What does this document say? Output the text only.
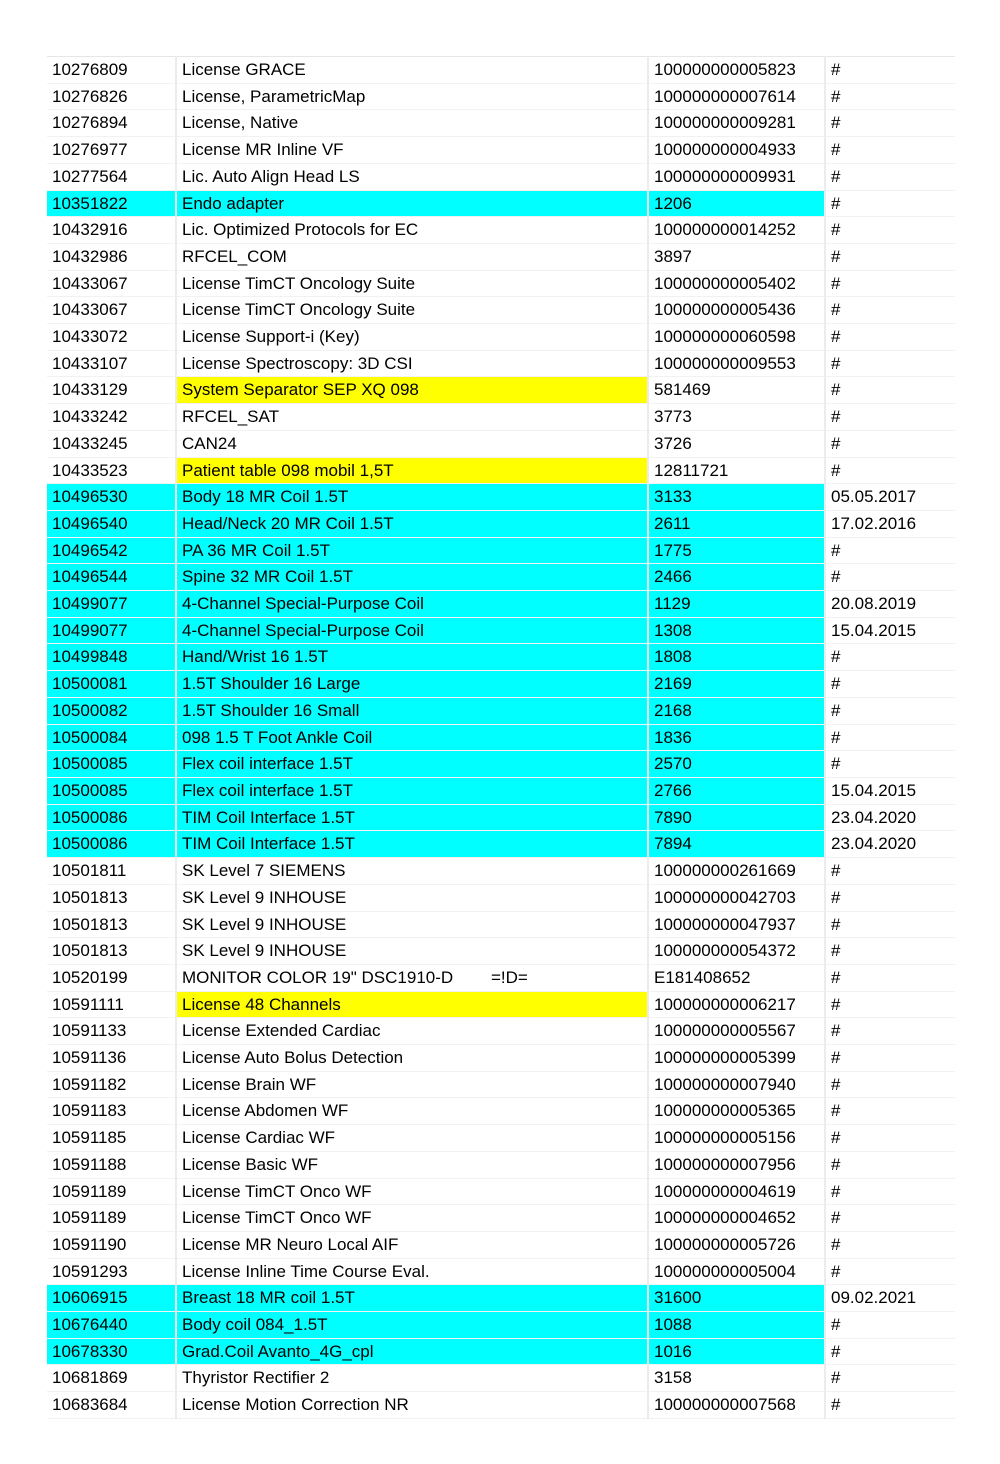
10276809	License GRACE	100000000005823	#
10276826	License, ParametricMap	100000000007614	#
10276894	License, Native	100000000009281	#
10276977	License MR Inline VF	100000000004933	#
10277564	Lic. Auto Align Head LS	100000000009931	#
10351822	Endo adapter	1206	#
10432916	Lic. Optimized Protocols for EC	100000000014252	#
10432986	RFCEL_COM	3897	#
10433067	License TimCT Oncology Suite	100000000005402	#
10433067	License TimCT Oncology Suite	100000000005436	#
10433072	License Support-i (Key)	100000000060598	#
10433107	License Spectroscopy: 3D CSI	100000000009553	#
10433129	System Separator SEP XQ 098	581469	#
10433242	RFCEL_SAT	3773	#
10433245	CAN24	3726	#
10433523	Patient table 098 mobil 1,5T	12811721	#
10496530	Body 18 MR Coil 1.5T	3133	05.05.2017
10496540	Head/Neck 20 MR Coil 1.5T	2611	17.02.2016
10496542	PA 36 MR Coil 1.5T	1775	#
10496544	Spine 32 MR Coil 1.5T	2466	#
10499077	4-Channel Special-Purpose Coil	1129	20.08.2019
10499077	4-Channel Special-Purpose Coil	1308	15.04.2015
10499848	Hand/Wrist 16 1.5T	1808	#
10500081	1.5T Shoulder 16 Large	2169	#
10500082	1.5T Shoulder 16 Small	2168	#
10500084	098 1.5 T Foot Ankle Coil	1836	#
10500085	Flex coil interface 1.5T	2570	#
10500085	Flex coil interface 1.5T	2766	15.04.2015
10500086	TIM Coil Interface 1.5T	7890	23.04.2020
10500086	TIM Coil Interface 1.5T	7894	23.04.2020
10501811	SK Level 7 SIEMENS	100000000261669	#
10501813	SK Level 9 INHOUSE	100000000042703	#
10501813	SK Level 9 INHOUSE	100000000047937	#
10501813	SK Level 9 INHOUSE	100000000054372	#
10520199	MONITOR COLOR 19" DSC1910-D        =!D=	E181408652	#
10591111	License 48 Channels	100000000006217	#
10591133	License Extended Cardiac	100000000005567	#
10591136	License Auto Bolus Detection	100000000005399	#
10591182	License Brain WF	100000000007940	#
10591183	License Abdomen WF	100000000005365	#
10591185	License Cardiac WF	100000000005156	#
10591188	License Basic WF	100000000007956	#
10591189	License TimCT Onco WF	100000000004619	#
10591189	License TimCT Onco WF	100000000004652	#
10591190	License MR Neuro Local AIF	100000000005726	#
10591293	License Inline Time Course Eval.	100000000005004	#
10606915	Breast 18 MR coil 1.5T	31600	09.02.2021
10676440	Body coil 084_1.5T	1088	#
10678330	Grad.Coil Avanto_4G_cpl	1016	#
10681869	Thyristor Rectifier 2	3158	#
10683684	License Motion Correction NR	100000000007568	#
